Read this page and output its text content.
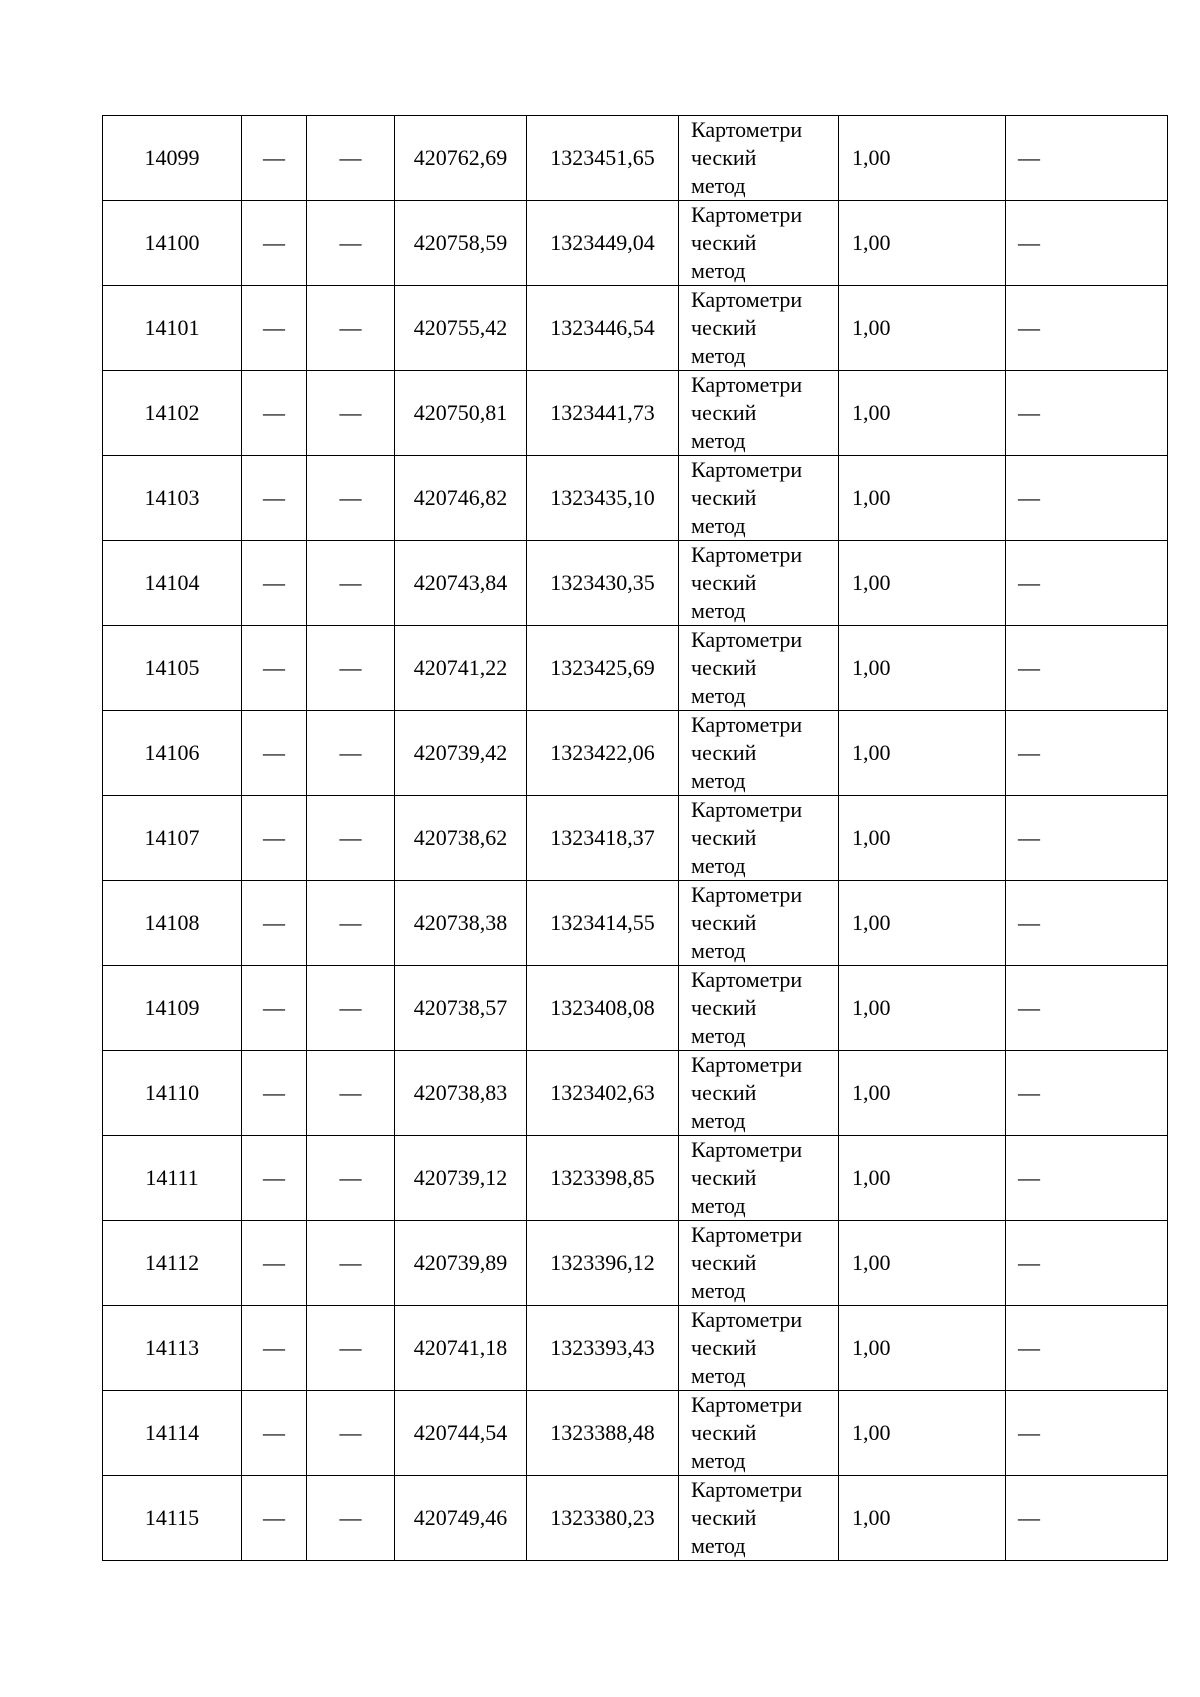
14099	—	—	420762,69	1323451,65	Картометри
ческий
метод	1,00	—
14100	—	—	420758,59	1323449,04	Картометри
ческий
метод	1,00	—
14101	—	—	420755,42	1323446,54	Картометри
ческий
метод	1,00	—
14102	—	—	420750,81	1323441,73	Картометри
ческий
метод	1,00	—
14103	—	—	420746,82	1323435,10	Картометри
ческий
метод	1,00	—
14104	—	—	420743,84	1323430,35	Картометри
ческий
метод	1,00	—
14105	—	—	420741,22	1323425,69	Картометри
ческий
метод	1,00	—
14106	—	—	420739,42	1323422,06	Картометри
ческий
метод	1,00	—
14107	—	—	420738,62	1323418,37	Картометри
ческий
метод	1,00	—
14108	—	—	420738,38	1323414,55	Картометри
ческий
метод	1,00	—
14109	—	—	420738,57	1323408,08	Картометри
ческий
метод	1,00	—
14110	—	—	420738,83	1323402,63	Картометри
ческий
метод	1,00	—
14111	—	—	420739,12	1323398,85	Картометри
ческий
метод	1,00	—
14112	—	—	420739,89	1323396,12	Картометри
ческий
метод	1,00	—
14113	—	—	420741,18	1323393,43	Картометри
ческий
метод	1,00	—
14114	—	—	420744,54	1323388,48	Картометри
ческий
метод	1,00	—
14115	—	—	420749,46	1323380,23	Картометри
ческий
метод	1,00	—
